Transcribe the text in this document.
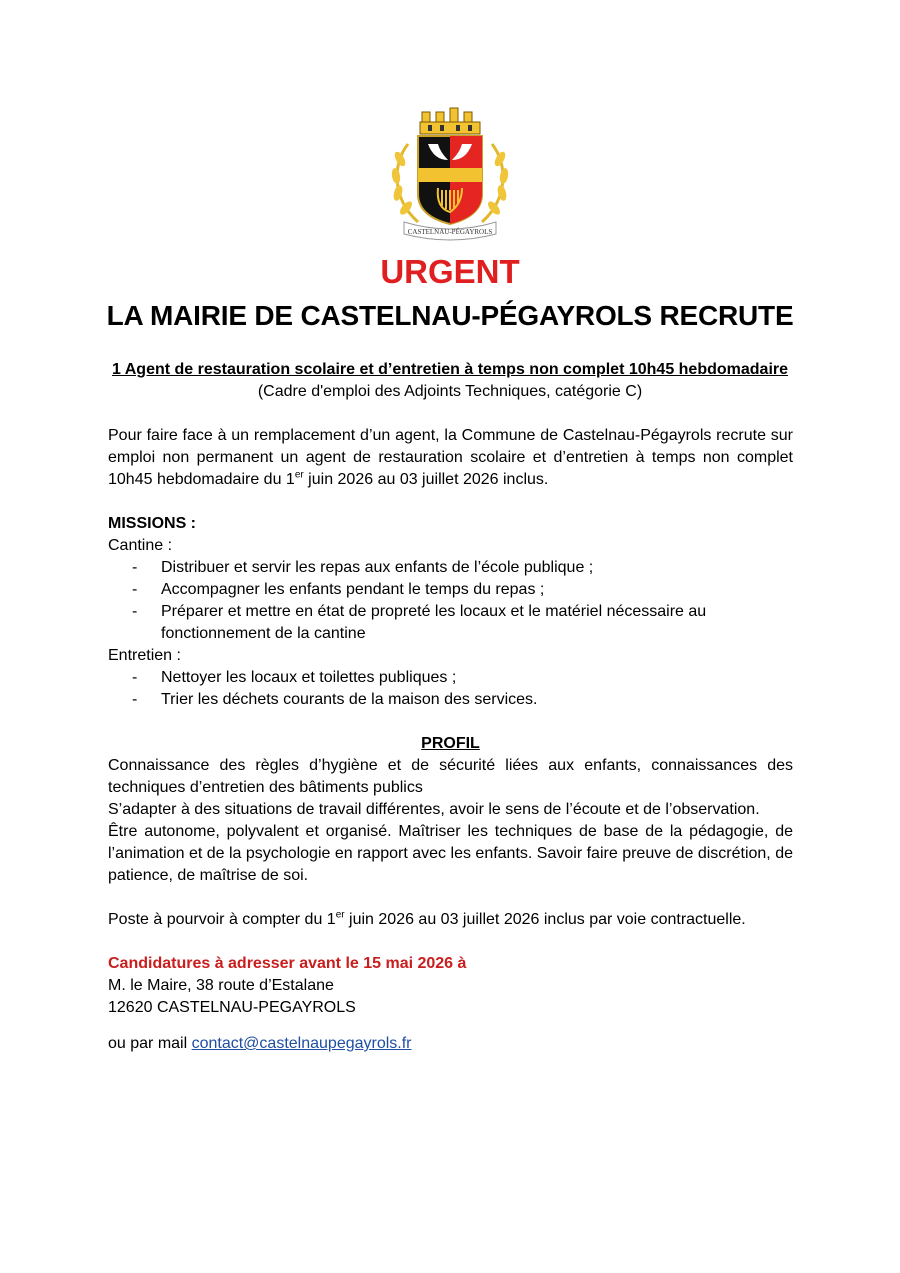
CASTELNAU-PÉGAYROLS
URGENT
LA MAIRIE DE CASTELNAU-PÉGAYROLS RECRUTE
1 Agent de restauration scolaire et d’entretien à temps non complet 10h45 hebdomadaire
(Cadre d'emploi des Adjoints Techniques, catégorie C)

Pour faire face à un remplacement d’un agent, la Commune de Castelnau-Pégayrols recrute sur emploi non permanent un agent de restauration scolaire et d’entretien à temps non complet 10h45 hebdomadaire du 1er juin 2026 au 03 juillet 2026 inclus.

MISSIONS :
Cantine :
- Distribuer et servir les repas aux enfants de l’école publique ;
- Accompagner les enfants pendant le temps du repas ;
- Préparer et mettre en état de propreté les locaux et le matériel nécessaire au fonctionnement de la cantine
Entretien :
- Nettoyer les locaux et toilettes publiques ;
- Trier les déchets courants de la maison des services.
PROFIL

Connaissance des règles d’hygiène et de sécurité liées aux enfants, connaissances des techniques d’entretien des bâtiments publics

S’adapter à des situations de travail différentes, avoir le sens de l’écoute et de l’observation.

Être autonome, polyvalent et organisé. Maîtriser les techniques de base de la pédagogie, de l’animation et de la psychologie en rapport avec les enfants. Savoir faire preuve de discrétion, de patience, de maîtrise de soi.

Poste à pourvoir à compter du 1er juin 2026 au 03 juillet 2026 inclus par voie contractuelle.

Candidatures à adresser avant le 15 mai 2026 à
M. le Maire, 38 route d’Estalane
12620 CASTELNAU-PEGAYROLS
ou par mail contact@castelnaupegayrols.fr
